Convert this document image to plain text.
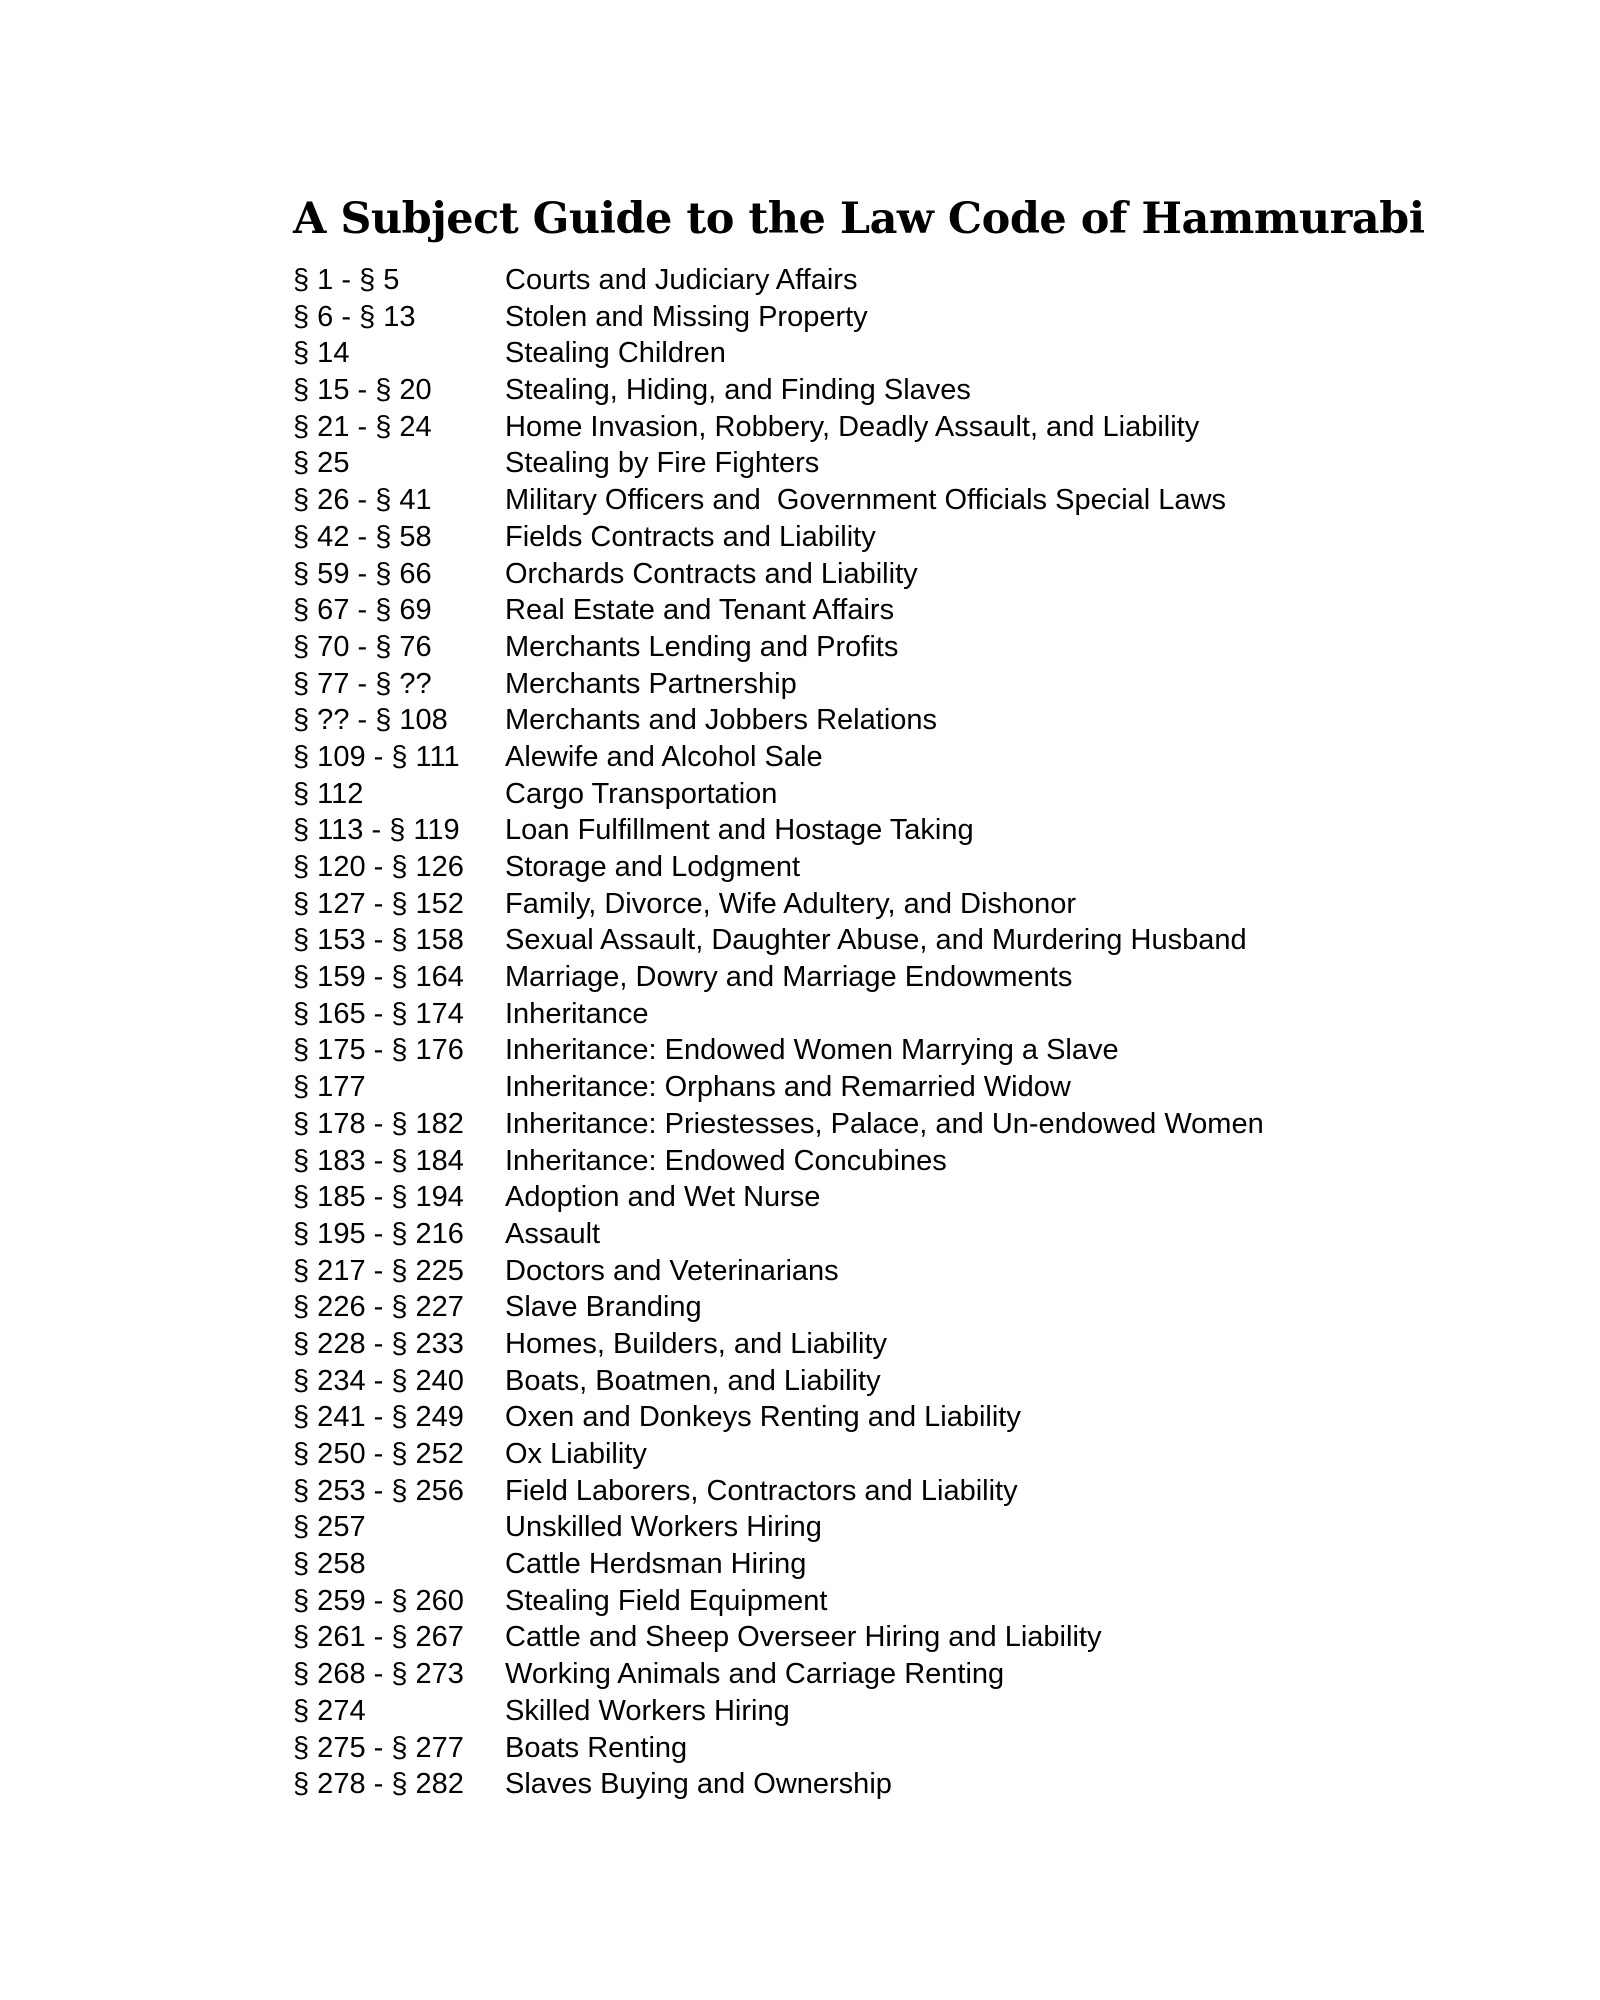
A Subject Guide to the Law Code of Hammurabi
§ 1 - § 5	Courts and Judiciary Affairs
§ 6 - § 13	Stolen and Missing Property
§ 14	Stealing Children
§ 15 - § 20	Stealing, Hiding, and Finding Slaves
§ 21 - § 24	Home Invasion, Robbery, Deadly Assault, and Liability
§ 25	Stealing by Fire Fighters
§ 26 - § 41	Military Officers and  Government Officials Special Laws
§ 42 - § 58	Fields Contracts and Liability
§ 59 - § 66	Orchards Contracts and Liability
§ 67 - § 69	Real Estate and Tenant Affairs
§ 70 - § 76	Merchants Lending and Profits
§ 77 - § ??	Merchants Partnership
§ ?? - § 108	Merchants and Jobbers Relations
§ 109 - § 111	Alewife and Alcohol Sale
§ 112	Cargo Transportation
§ 113 - § 119	Loan Fulfillment and Hostage Taking
§ 120 - § 126	Storage and Lodgment
§ 127 - § 152	Family, Divorce, Wife Adultery, and Dishonor
§ 153 - § 158	Sexual Assault, Daughter Abuse, and Murdering Husband
§ 159 - § 164	Marriage, Dowry and Marriage Endowments
§ 165 - § 174	Inheritance
§ 175 - § 176	Inheritance: Endowed Women Marrying a Slave
§ 177	Inheritance: Orphans and Remarried Widow
§ 178 - § 182	Inheritance: Priestesses, Palace, and Un-endowed Women
§ 183 - § 184	Inheritance: Endowed Concubines
§ 185 - § 194	Adoption and Wet Nurse
§ 195 - § 216	Assault
§ 217 - § 225	Doctors and Veterinarians
§ 226 - § 227	Slave Branding
§ 228 - § 233	Homes, Builders, and Liability
§ 234 - § 240	Boats, Boatmen, and Liability
§ 241 - § 249	Oxen and Donkeys Renting and Liability
§ 250 - § 252	Ox Liability
§ 253 - § 256	Field Laborers, Contractors and Liability
§ 257	Unskilled Workers Hiring
§ 258	Cattle Herdsman Hiring
§ 259 - § 260	Stealing Field Equipment
§ 261 - § 267	Cattle and Sheep Overseer Hiring and Liability
§ 268 - § 273	Working Animals and Carriage Renting
§ 274	Skilled Workers Hiring
§ 275 - § 277	Boats Renting
§ 278 - § 282	Slaves Buying and Ownership
